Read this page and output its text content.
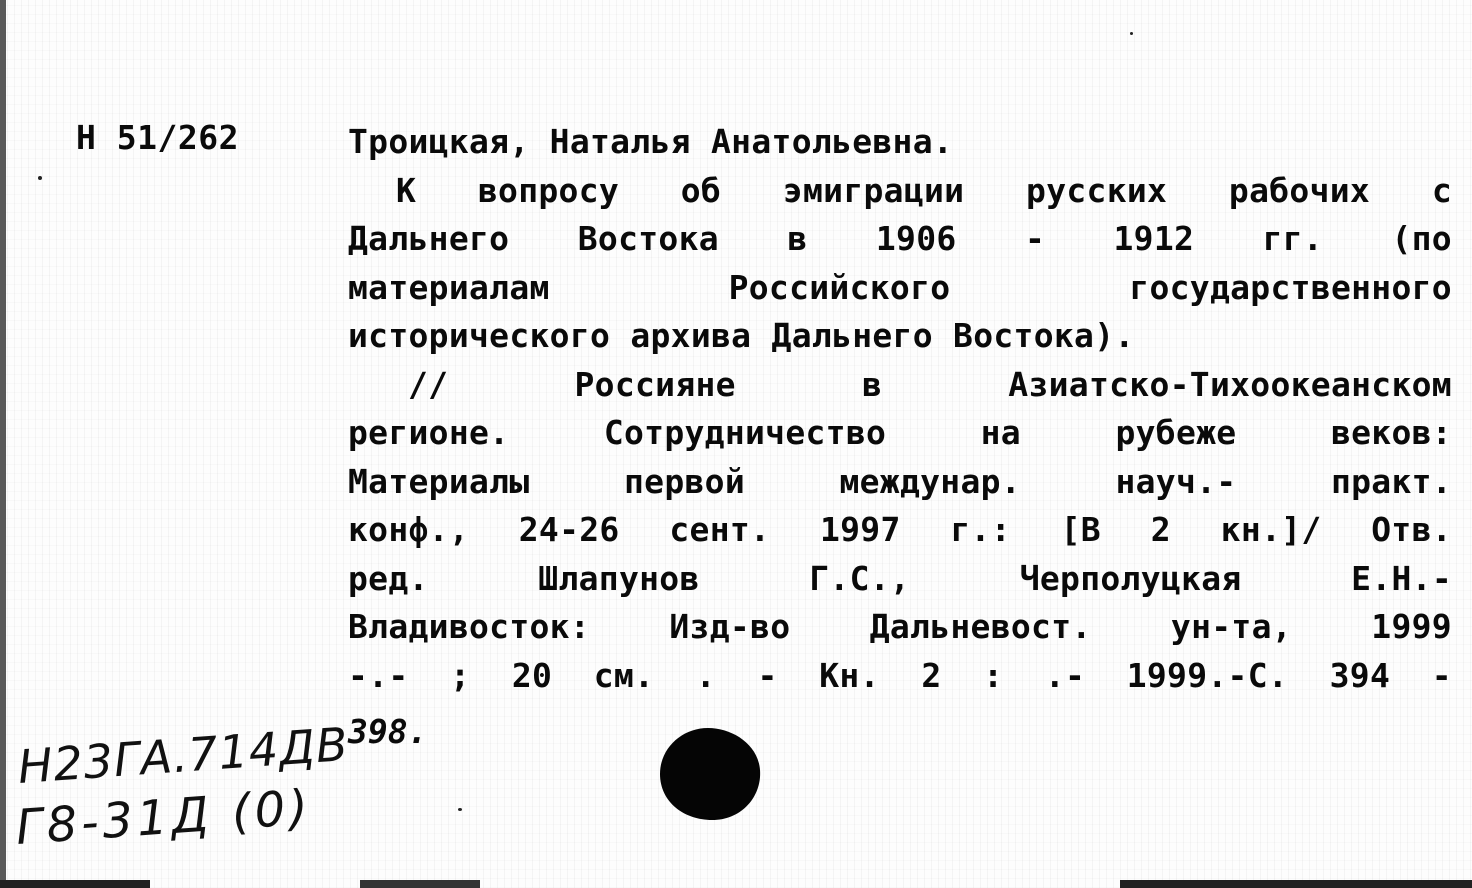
Н 51/262	Троицкая, Наталья Анатольевна.
К вопросу об эмиграции русских рабочих с
Дальнего Востока в 1906 - 1912 гг. (по
материалам	Российского	государственного
исторического архива Дальнего Востока).
//	Россияне	в	Азиатско-Тихоокеанском
регионе.	Сотрудничество	на	рубеже	веков:
Материалы	первой	междунар.	науч.-	практ.
конф., 24-26 сент. 1997 г.: [В 2 кн.]/ Отв.
ред.	Шлапунов	Г.С.,	Черполуцкая	Е.Н.-
Владивосток: Изд-во Дальневост. ун-та, 1999
-.- ; 20 см. . - Кн. 2 : .- 1999.-С. 394 -
398.
Н23ГА.714ДВ
Г8-31Д (0)
